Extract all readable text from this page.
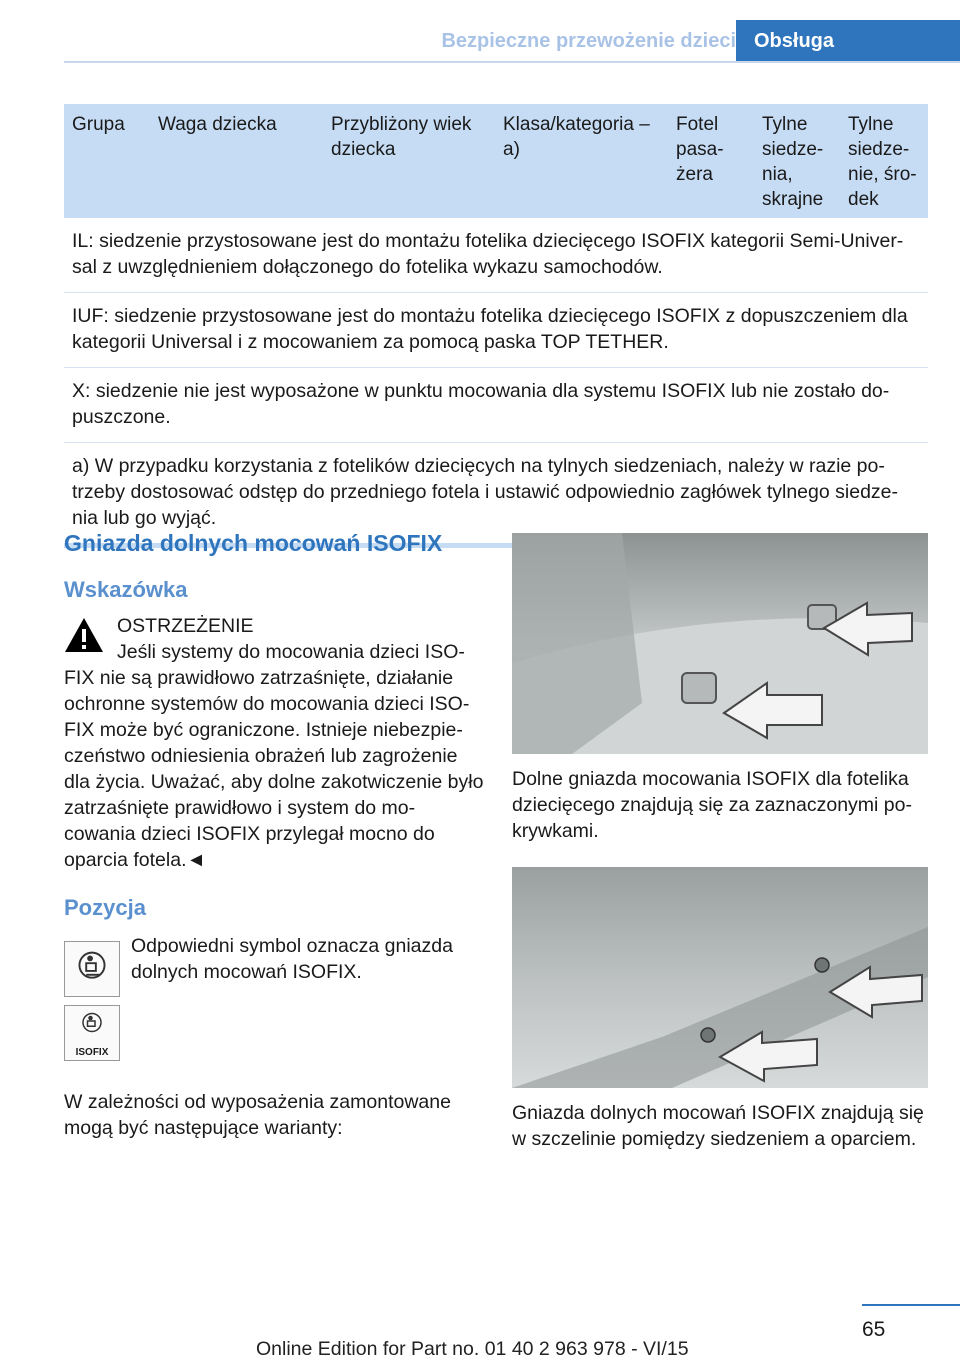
Bezpieczne przewożenie dzieci Obsługa
Grupa	Waga dziecka	Przybliżony wiek dziecka
Klasa/kategoria – a)
Fotel pasa-żera
Tylne siedze-nia, skrajne
Tylne siedze-nie, śro-dek
IL: siedzenie przystosowane jest do montażu fotelika dziecięcego ISOFIX kategorii Semi-Univer-sal z uwzględnieniem dołączonego do fotelika wykazu samochodów.
IUF: siedzenie przystosowane jest do montażu fotelika dziecięcego ISOFIX z dopuszczeniem dla kategorii Universal i z mocowaniem za pomocą paska TOP TETHER.
X: siedzenie nie jest wyposażone w punktu mocowania dla systemu ISOFIX lub nie zostało do-puszczone.
a) W przypadku korzystania z fotelików dziecięcych na tylnych siedzeniach, należy w razie po-trzeby dostosować odstęp do przedniego fotela i ustawić odpowiednio zagłówek tylnego siedze-nia lub go wyjąć.
Gniazda dolnych mocowań ISOFIX
Wskazówka
OSTRZEŻENIE
Jeśli systemy do mocowania dzieci ISO-
FIX nie są prawidłowo zatrzaśnięte, działanie ochronne systemów do mocowania dzieci ISO-FIX może być ograniczone. Istnieje niebezpie-czeństwo odniesienia obrażeń lub zagrożenie dla życia. Uważać, aby dolne zakotwiczenie było zatrzaśnięte prawidłowo i system do mo-cowania dzieci ISOFIX przylegał mocno do oparcia fotela.◄
Pozycja
Odpowiedni symbol oznacza gniazda dolnych mocowań ISOFIX.
ISOFIX
W zależności od wyposażenia zamontowane mogą być następujące warianty:
Dolne gniazda mocowania ISOFIX dla fotelika dziecięcego znajdują się za zaznaczonymi po-krywkami.
Gniazda dolnych mocowań ISOFIX znajdują się w szczelinie pomiędzy siedzeniem a oparciem.
65
Online Edition for Part no. 01 40 2 963 978 - VI/15
